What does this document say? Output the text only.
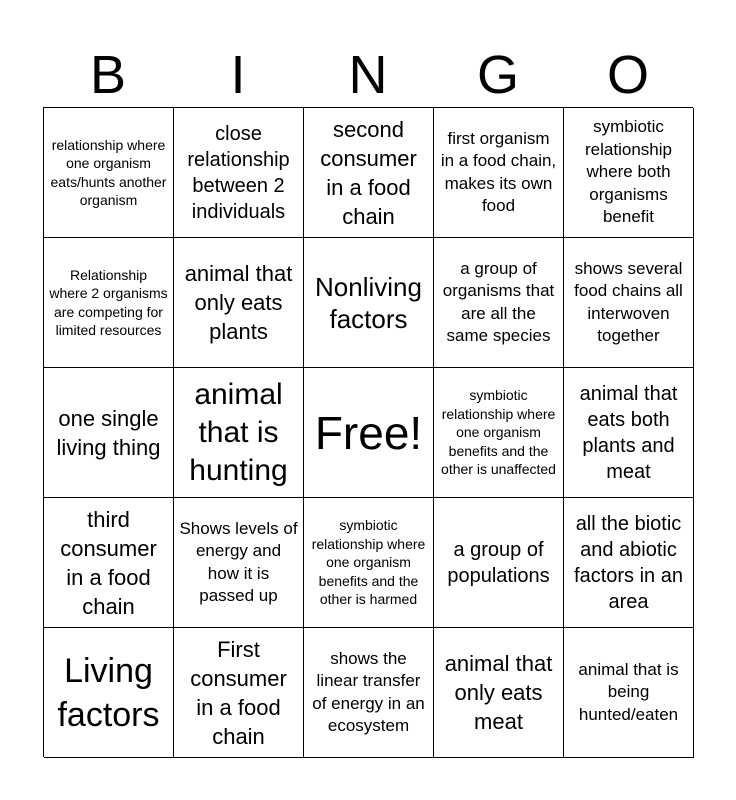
B	I	N	G	O
relationship where one organism eats/hunts another organism
close relationship between 2 individuals
second consumer in a food chain
first organism in a food chain, makes its own food
symbiotic relationship where both organisms benefit
Relationship where 2 organisms are competing for limited resources
animal that only eats plants
Nonliving factors
a group of organisms that are all the same species
shows several food chains all interwoven together
one single living thing
animal that is hunting
Free!
symbiotic relationship where one organism benefits and the other is unaffected
animal that eats both plants and meat
third consumer in a food chain
Shows levels of energy and how it is passed up
symbiotic relationship where one organism benefits and the other is harmed
a group of populations
all the biotic and abiotic factors in an area
Living factors
First consumer in a food chain
shows the linear transfer of energy in an ecosystem
animal that only eats meat
animal that is being hunted/eaten
